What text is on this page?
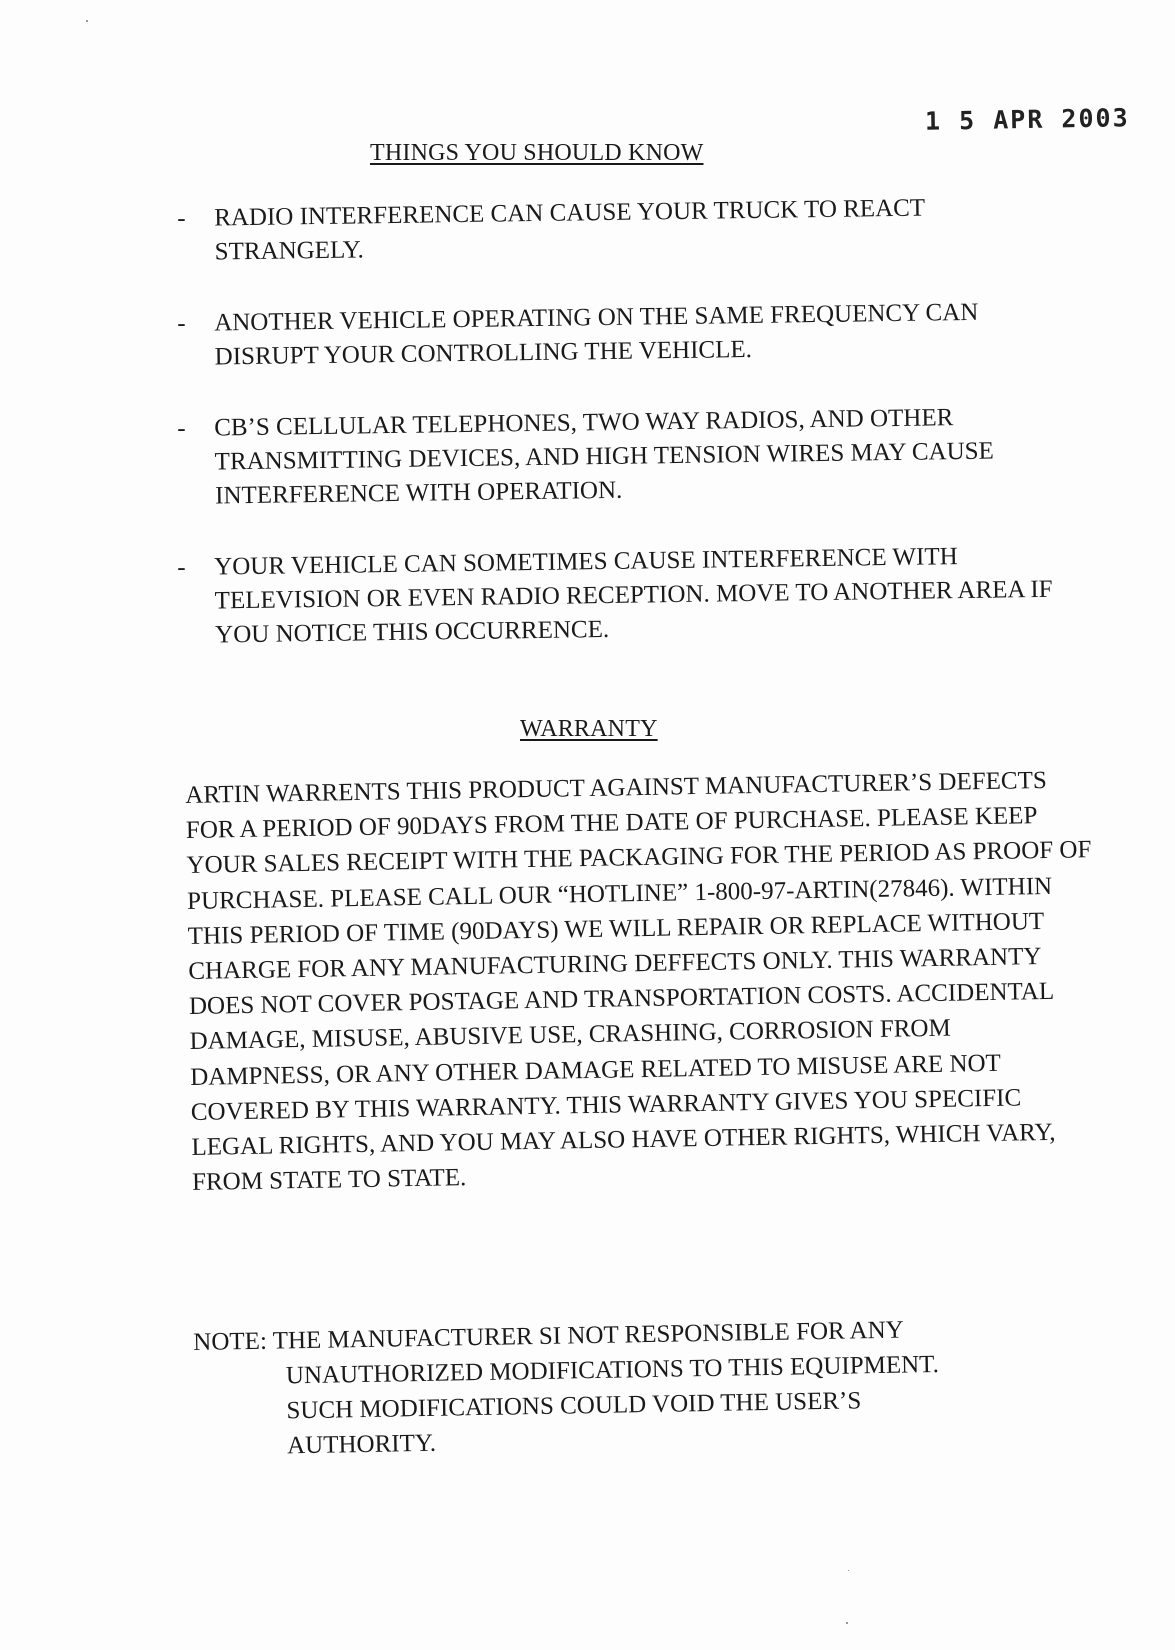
1 5 APR 2003
THINGS YOU SHOULD KNOW
- RADIO INTERFERENCE CAN CAUSE YOUR TRUCK TO REACT STRANGELY.
- ANOTHER VEHICLE OPERATING ON THE SAME FREQUENCY CAN DISRUPT YOUR CONTROLLING THE VEHICLE.
- CB’S CELLULAR TELEPHONES, TWO WAY RADIOS, AND OTHER TRANSMITTING DEVICES, AND HIGH TENSION WIRES MAY CAUSE INTERFERENCE WITH OPERATION.
- YOUR VEHICLE CAN SOMETIMES CAUSE INTERFERENCE WITH TELEVISION OR EVEN RADIO RECEPTION. MOVE TO ANOTHER AREA IF YOU NOTICE THIS OCCURRENCE.
WARRANTY

ARTIN WARRENTS THIS PRODUCT AGAINST MANUFACTURER’S DEFECTS FOR A PERIOD OF 90DAYS FROM THE DATE OF PURCHASE. PLEASE KEEP YOUR SALES RECEIPT WITH THE PACKAGING FOR THE PERIOD AS PROOF OF PURCHASE. PLEASE CALL OUR “HOTLINE” 1-800-97-ARTIN(27846). WITHIN THIS PERIOD OF TIME (90DAYS) WE WILL REPAIR OR REPLACE WITHOUT CHARGE FOR ANY MANUFACTURING DEFFECTS ONLY. THIS WARRANTY DOES NOT COVER POSTAGE AND TRANSPORTATION COSTS. ACCIDENTAL DAMAGE, MISUSE, ABUSIVE USE, CRASHING, CORROSION FROM DAMPNESS, OR ANY OTHER DAMAGE RELATED TO MISUSE ARE NOT COVERED BY THIS WARRANTY. THIS WARRANTY GIVES YOU SPECIFIC LEGAL RIGHTS, AND YOU MAY ALSO HAVE OTHER RIGHTS, WHICH VARY, FROM STATE TO STATE.

NOTE: THE MANUFACTURER SI NOT RESPONSIBLE FOR ANY
UNAUTHORIZED MODIFICATIONS TO THIS EQUIPMENT. SUCH MODIFICATIONS COULD VOID THE USER’S AUTHORITY.
